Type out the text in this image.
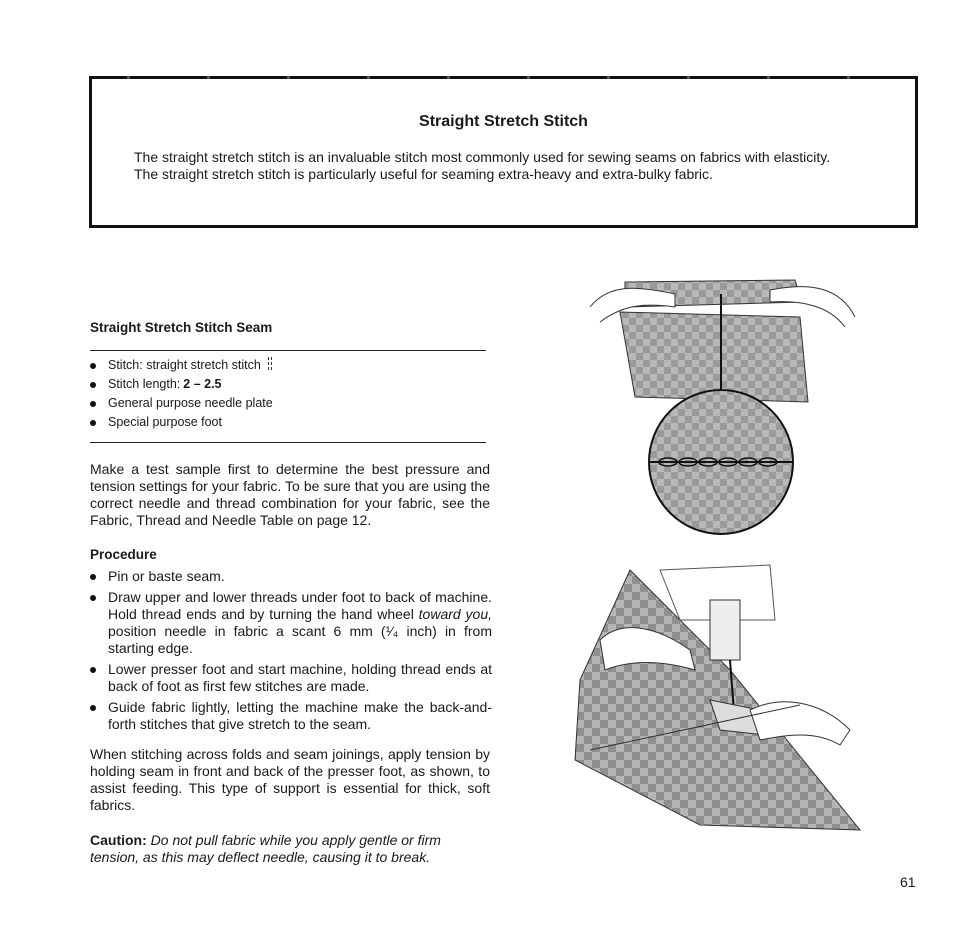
Straight Stretch Stitch
The straight stretch stitch is an invaluable stitch most commonly used for sewing seams on fabrics with elasticity.
The straight stretch stitch is particularly useful for seaming extra-heavy and extra-bulky fabric.
Straight Stretch Stitch Seam
Stitch: straight stretch stitch
Stitch length: 2 – 2.5
General purpose needle plate
Special purpose foot
Make a test sample first to determine the best pressure and tension settings for your fabric. To be sure that you are using the correct needle and thread combination for your fabric, see the Fabric, Thread and Needle Table on page 12.
Procedure
Pin or baste seam.
Draw upper and lower threads under foot to back of machine. Hold thread ends and by turning the hand wheel toward you, position needle in fabric a scant 6 mm (¹⁄₄ inch) in from starting edge.
Lower presser foot and start machine, holding thread ends at back of foot as first few stitches are made.
Guide fabric lightly, letting the machine make the back-and-forth stitches that give stretch to the seam.
When stitching across folds and seam joinings, apply tension by holding seam in front and back of the presser foot, as shown, to assist feeding. This type of support is essential for thick, soft fabrics.
Caution: Do not pull fabric while you apply gentle or firm tension, as this may deflect needle, causing it to break.
61
